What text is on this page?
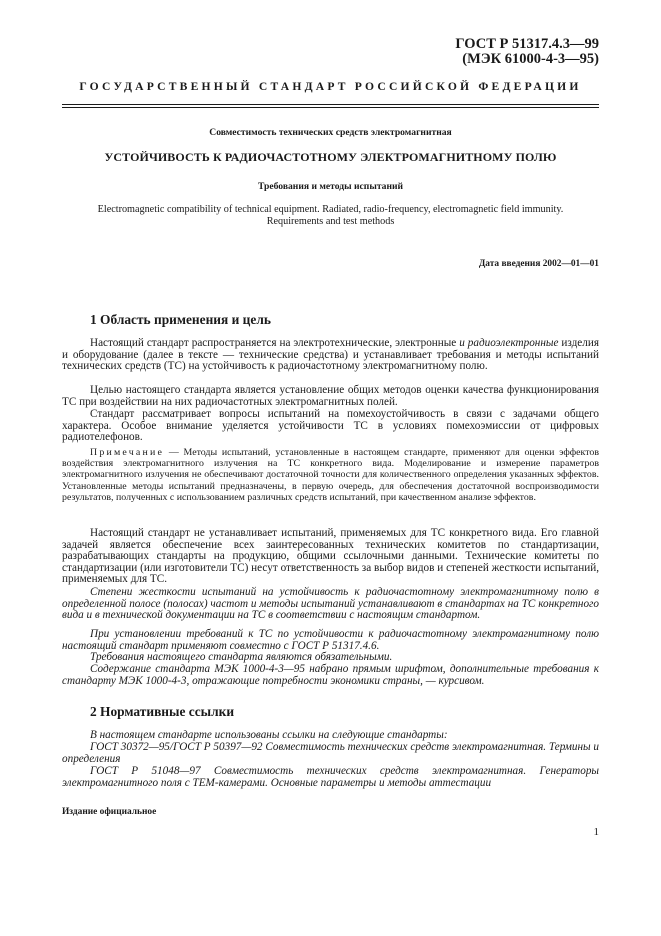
ГОСТ Р 51317.4.3—99
(МЭК 61000-4-3—95)
ГОСУДАРСТВЕННЫЙ СТАНДАРТ РОССИЙСКОЙ ФЕДЕРАЦИИ
Совместимость технических средств электромагнитная
УСТОЙЧИВОСТЬ К РАДИОЧАСТОТНОМУ ЭЛЕКТРОМАГНИТНОМУ ПОЛЮ
Требования и методы испытаний
Electromagnetic compatibility of technical equipment. Radiated, radio-frequency, electromagnetic field immunity.
Requirements and test methods
Дата введения 2002—01—01
1 Область применения и цель
Настоящий стандарт распространяется на электротехнические, электронные и радиоэлектронные изделия и оборудование (далее в тексте — технические средства) и устанавливает требования и методы испытаний технических средств (ТС) на устойчивость к радиочастотному электромагнитному полю.
Целью настоящего стандарта является установление общих методов оценки качества функционирования ТС при воздействии на них радиочастотных электромагнитных полей.
Стандарт рассматривает вопросы испытаний на помехоустойчивость в связи с задачами общего характера. Особое внимание уделяется устойчивости ТС в условиях помехоэмиссии от цифровых радиотелефонов.
Примечание — Методы испытаний, установленные в настоящем стандарте, применяют для оценки эффектов воздействия электромагнитного излучения на ТС конкретного вида. Моделирование и измерение параметров электромагнитного излучения не обеспечивают достаточной точности для количественного определения указанных эффектов. Установленные методы испытаний предназначены, в первую очередь, для обеспечения достаточной воспроизводимости результатов, полученных с использованием различных средств испытаний, при качественном анализе эффектов.
Настоящий стандарт не устанавливает испытаний, применяемых для ТС конкретного вида. Его главной задачей является обеспечение всех заинтересованных технических комитетов по стандартизации, разрабатывающих стандарты на продукцию, общими ссылочными данными. Технические комитеты по стандартизации (или изготовители ТС) несут ответственность за выбор видов и степеней жесткости испытаний, применяемых для ТС.
Степени жесткости испытаний на устойчивость к радиочастотному электромагнитному полю в определенной полосе (полосах) частот и методы испытаний устанавливают в стандартах на ТС конкретного вида и в технической документации на ТС в соответствии с настоящим стандартом.
При установлении требований к ТС по устойчивости к радиочастотному электромагнитному полю настоящий стандарт применяют совместно с ГОСТ Р 51317.4.6.
Требования настоящего стандарта являются обязательными.
Содержание стандарта МЭК 1000-4-3—95 набрано прямым шрифтом, дополнительные требования к стандарту МЭК 1000-4-3, отражающие потребности экономики страны, — курсивом.
2 Нормативные ссылки
В настоящем стандарте использованы ссылки на следующие стандарты:
ГОСТ 30372—95/ГОСТ Р 50397—92 Совместимость технических средств электромагнитная. Термины и определения
ГОСТ Р 51048—97 Совместимость технических средств электромагнитная. Генераторы электромагнитного поля с ТЕМ-камерами. Основные параметры и методы аттестации
Издание официальное
1
